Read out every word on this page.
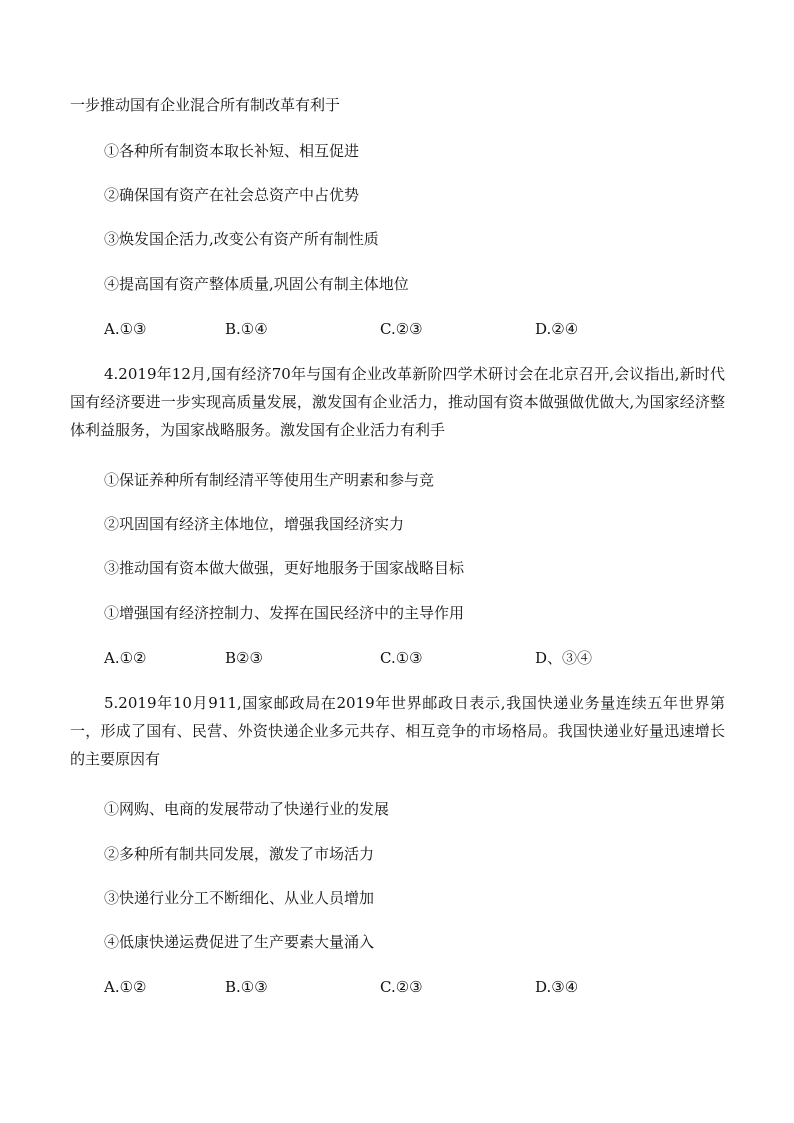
一步推动国有企业混合所有制改革有利于
①各种所有制资本取长补短、相互促进
②确保国有资产在社会总资产中占优势
③焕发国企活力,改变公有资产所有制性质
④提高国有资产整体质量,巩固公有制主体地位
A.①③	B.①④	C.②③	D.②④
4.2019年12月,国有经济70年与国有企业改革新阶四学术研讨会在北京召开,会议指出,新时代国有经济要进一步实现高质量发展，激发国有企业活力，推动国有资本做强做优做大,为国家经济整体利益服务，为国家战略服务。激发国有企业活力有利手
①保证养种所有制经清平等使用生产明素和参与竞
②巩固国有经济主体地位，增强我国经济实力
③推动国有资本做大做强，更好地服务于国家战略目标
①增强国有经济控制力、发挥在国民经济中的主导作用
A.①②	B②③	C.①③	D、③④
5.2019年10月911,国家邮政局在2019年世界邮政日表示,我国快递业务量连续五年世界第一，形成了国有、民营、外资快递企业多元共存、相互竞争的市场格局。我国快递业好量迅速增长的主要原因有
①网购、电商的发展带动了快递行业的发展
②多种所有制共同发展，激发了市场活力
③快递行业分工不断细化、从业人员增加
④低康快递运费促进了生产要素大量涌入
A.①②	B.①③	C.②③	D.③④
